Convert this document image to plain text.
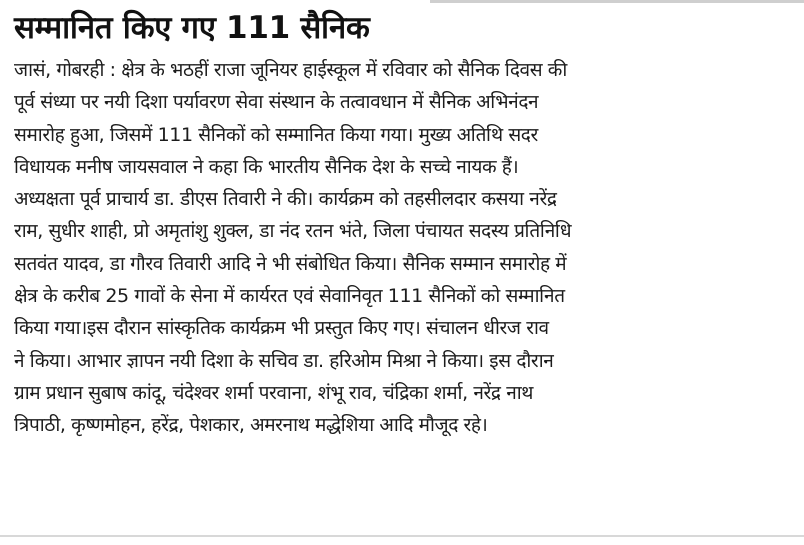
सम्मानित किए गए 111 सैनिक
जासं, गोबरही : क्षेत्र के भठहीं राजा जूनियर हाईस्कूल में रविवार को सैनिक दिवस की
पूर्व संध्या पर नयी दिशा पर्यावरण सेवा संस्थान के तत्वावधान में सैनिक अभिनंदन
समारोह हुआ, जिसमें 111 सैनिकों को सम्मानित किया गया। मुख्य अतिथि सदर
विधायक मनीष जायसवाल ने कहा कि भारतीय सैनिक देश के सच्चे नायक हैं।
अध्यक्षता पूर्व प्राचार्य डा. डीएस तिवारी ने की। कार्यक्रम को तहसीलदार कसया नरेंद्र
राम, सुधीर शाही, प्रो अमृतांशु शुक्ल, डा नंद रतन भंते, जिला पंचायत सदस्य प्रतिनिधि
सतवंत यादव, डा गौरव तिवारी आदि ने भी संबोधित किया। सैनिक सम्मान समारोह में
क्षेत्र के करीब 25 गावों के सेना में कार्यरत एवं सेवानिवृत 111 सैनिकों को सम्मानित
किया गया।इस दौरान सांस्कृतिक कार्यक्रम भी प्रस्तुत किए गए। संचालन धीरज राव
ने किया। आभार ज्ञापन नयी दिशा के सचिव डा. हरिओम मिश्रा ने किया। इस दौरान
ग्राम प्रधान सुबाष कांदू, चंदेश्वर शर्मा परवाना, शंभू राव, चंद्रिका शर्मा, नरेंद्र नाथ
त्रिपाठी, कृष्णमोहन, हरेंद्र, पेशकार, अमरनाथ मद्धेशिया आदि मौजूद रहे।
